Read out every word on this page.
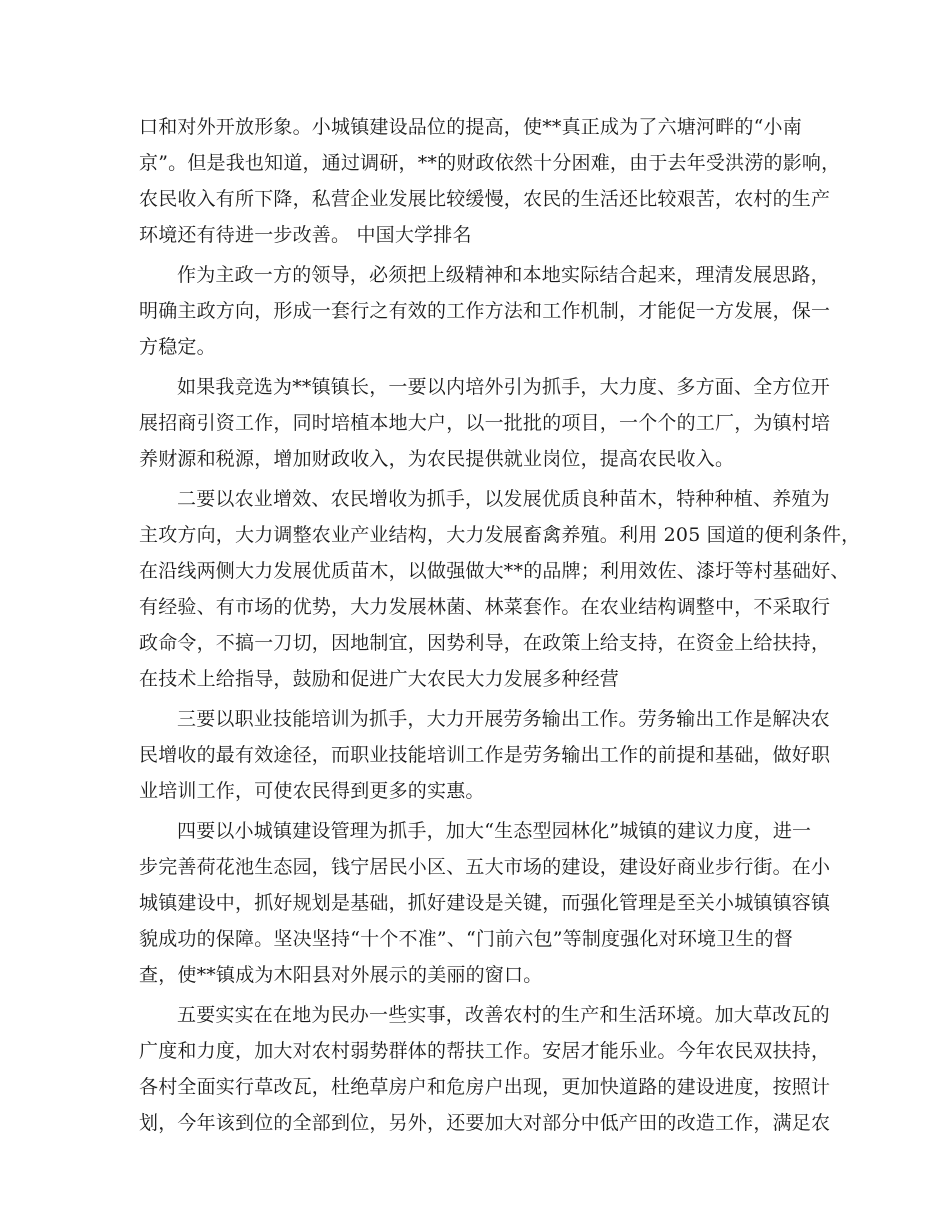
口和对外开放形象。小城镇建设品位的提高，使**真正成为了六塘河畔的“小南
京”。但是我也知道，通过调研，**的财政依然十分困难，由于去年受洪涝的影响，
农民收入有所下降，私营企业发展比较缓慢，农民的生活还比较艰苦，农村的生产
环境还有待进一步改善。 中国大学排名
作为主政一方的领导，必须把上级精神和本地实际结合起来，理清发展思路，
明确主政方向，形成一套行之有效的工作方法和工作机制，才能促一方发展，保一
方稳定。
如果我竞选为**镇镇长，一要以内培外引为抓手，大力度、多方面、全方位开
展招商引资工作，同时培植本地大户，以一批批的项目，一个个的工厂，为镇村培
养财源和税源，增加财政收入，为农民提供就业岗位，提高农民收入。
二要以农业增效、农民增收为抓手，以发展优质良种苗木，特种种植、养殖为
主攻方向，大力调整农业产业结构，大力发展畜禽养殖。利用 205 国道的便利条件，
在沿线两侧大力发展优质苗木，以做强做大**的品牌；利用效佐、漆圩等村基础好、
有经验、有市场的优势，大力发展林菌、林菜套作。在农业结构调整中，不采取行
政命令，不搞一刀切，因地制宜，因势利导，在政策上给支持，在资金上给扶持，
在技术上给指导，鼓励和促进广大农民大力发展多种经营
三要以职业技能培训为抓手，大力开展劳务输出工作。劳务输出工作是解决农
民增收的最有效途径，而职业技能培训工作是劳务输出工作的前提和基础，做好职
业培训工作，可使农民得到更多的实惠。
四要以小城镇建设管理为抓手，加大“生态型园林化”城镇的建议力度，进一
步完善荷花池生态园，钱宁居民小区、五大市场的建设，建设好商业步行街。在小
城镇建设中，抓好规划是基础，抓好建设是关键，而强化管理是至关小城镇镇容镇
貌成功的保障。坚决坚持“十个不准”、“门前六包”等制度强化对环境卫生的督
查，使**镇成为木阳县对外展示的美丽的窗口。
五要实实在在地为民办一些实事，改善农村的生产和生活环境。加大草改瓦的
广度和力度，加大对农村弱势群体的帮扶工作。安居才能乐业。今年农民双扶持，
各村全面实行草改瓦，杜绝草房户和危房户出现，更加快道路的建设进度，按照计
划，今年该到位的全部到位，另外，还要加大对部分中低产田的改造工作，满足农
